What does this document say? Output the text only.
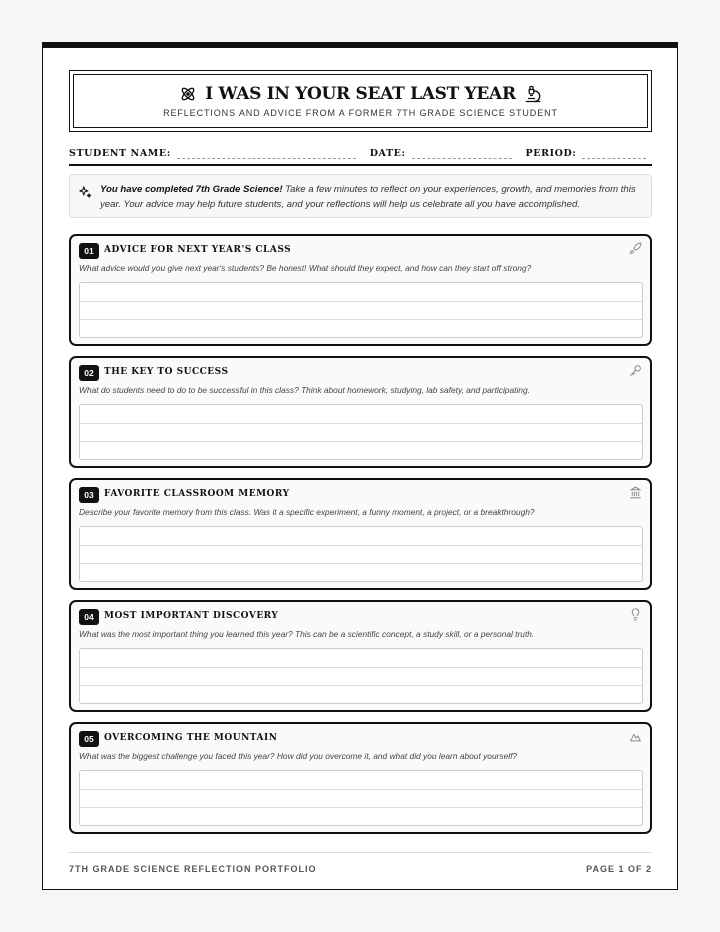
I WAS IN YOUR SEAT LAST YEAR
REFLECTIONS AND ADVICE FROM A FORMER 7TH GRADE SCIENCE STUDENT
STUDENT NAME:	DATE:	PERIOD:
You have completed 7th Grade Science! Take a few minutes to reflect on your experiences, growth, and memories from this year. Your advice may help future students, and your reflections will help us celebrate all you have accomplished.
01	ADVICE FOR NEXT YEAR'S CLASS
What advice would you give next year's students? Be honest! What should they expect, and how can they start off strong?
02	THE KEY TO SUCCESS
What do students need to do to be successful in this class? Think about homework, studying, lab safety, and participating.
03	FAVORITE CLASSROOM MEMORY
Describe your favorite memory from this class. Was it a specific experiment, a funny moment, a project, or a breakthrough?
04	MOST IMPORTANT DISCOVERY
What was the most important thing you learned this year? This can be a scientific concept, a study skill, or a personal truth.
05	OVERCOMING THE MOUNTAIN
What was the biggest challenge you faced this year? How did you overcome it, and what did you learn about yourself?
7TH GRADE SCIENCE REFLECTION PORTFOLIO	PAGE 1 OF 2
